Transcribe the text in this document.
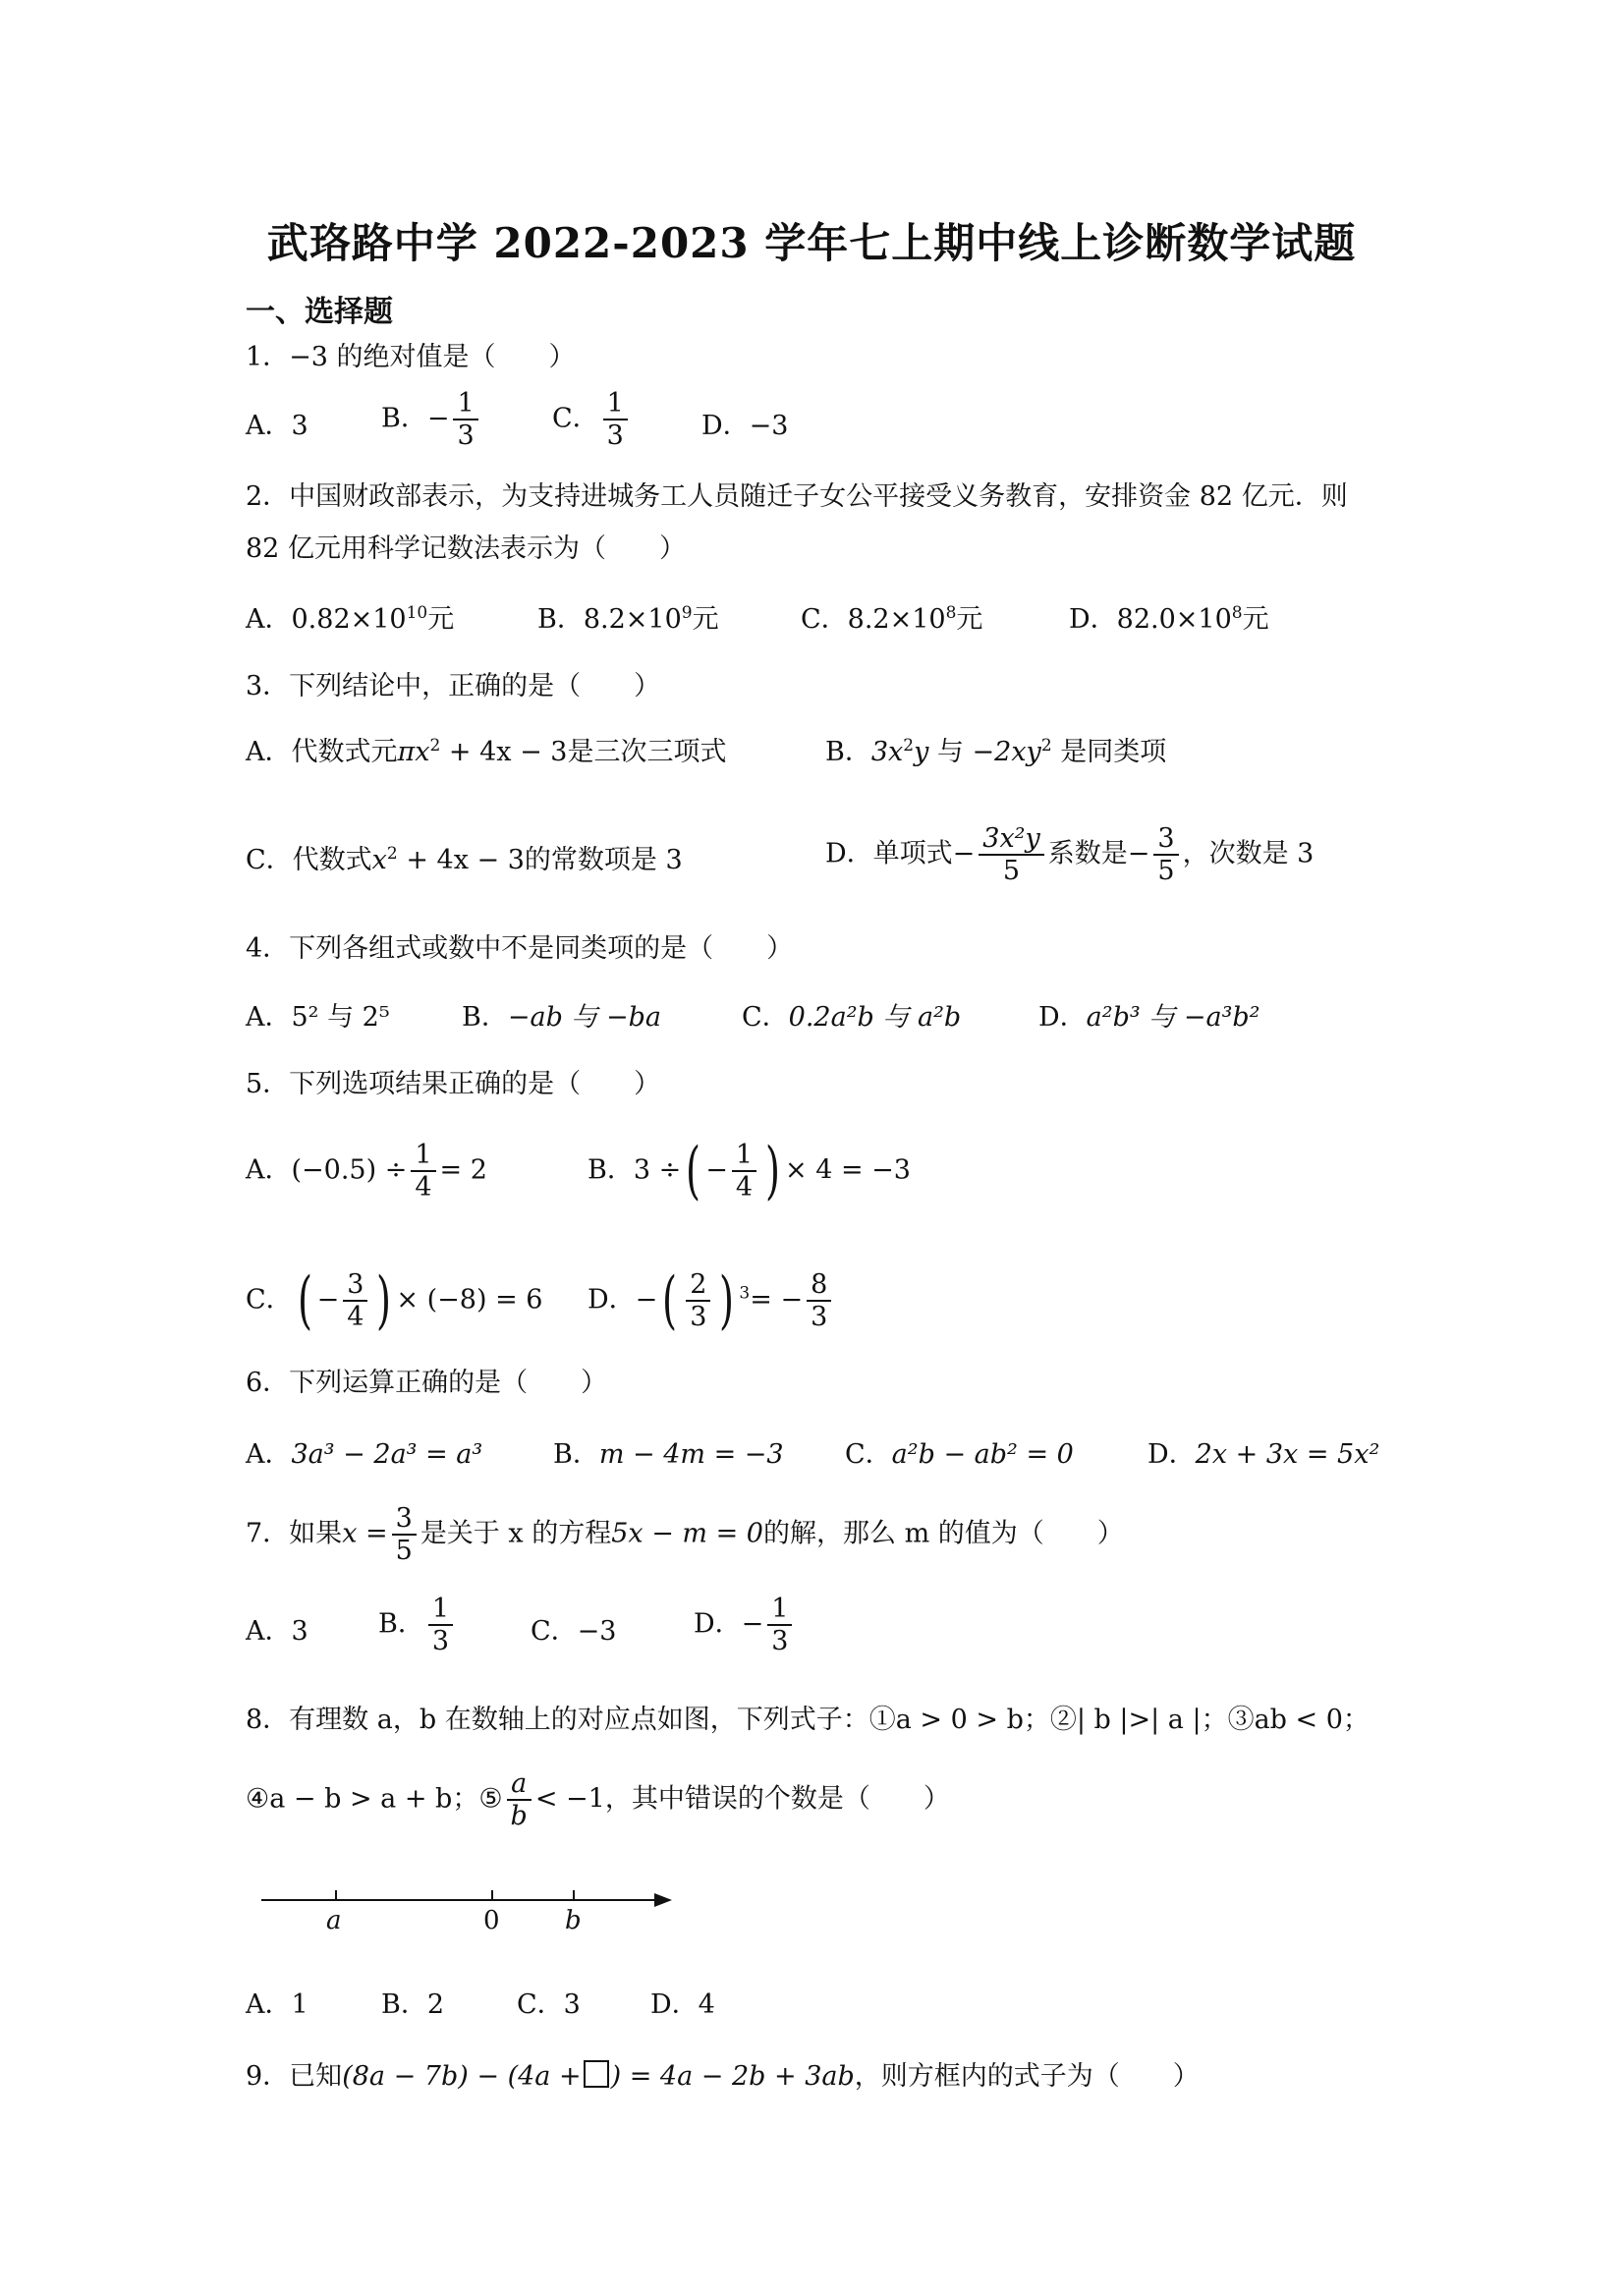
武珞路中学 2022-2023 学年七上期中线上诊断数学试题
一、选择题
1．−3 的绝对值是（　　）
A．3	B．− $\frac{1}{3}$	C． $\frac{1}{3}$	D．−3
2．中国财政部表示，为支持进城务工人员随迁子女公平接受义务教育，安排资金 82 亿元．则
82 亿元用科学记数法表示为（　　）
A．$0.82\times 10^{10}$元	B．$8.2\times 10^9$元	C．$8.2\times 10^8$元	D．$82.0\times 10^8$元
3．下列结论中，正确的是（　　）
A．代数式元$\pi x^2 + 4x - 3$是三次三项式	B．$3x^2y$ 与 $-2xy^2$ 是同类项
C．代数式$x^2 + 4x - 3$的常数项是 3	D．单项式− $\frac{\text{3x²y}}{5}$ 系数是− $\frac{3}{5}$ ，次数是 3
4．下列各组式或数中不是同类项的是（　　）
A．5² 与 2⁵	B．−ab 与 −ba	C．0.2a²b 与 a²b	D．a²b³ 与 −a³b²
5．下列选项结果正确的是（　　）
A．$(-0.5) \div \frac{1}{4} = 2$	B．3 ÷( − $\frac{1}{4}$ ) × 4 = −3
C．( − $\frac{3}{4}$ ) × (−8) = 6 D．−( $\frac{2}{3}$ ) $^3= - \frac{8}{3}$
6．下列运算正确的是（　　）
A．3a³ − 2a³ = a³	B．m − 4m = −3 C．a²b − ab² = 0	D．2x + 3x = 5x²
7．如果$x = \frac{3}{5}$ 是关于 x 的方程5x − m = 0的解，那么 m 的值为（　　）
A．3	B． $\frac{1}{3}$	C．−3	D．− $\frac{1}{3}$
8．有理数 a，b 在数轴上的对应点如图，下列式子：①a > 0 > b；②| b |>| a |；③ab < 0；
④a − b > a + b；⑤ $\frac{a}{b} < -1$，其中错误的个数是（　　）
a	0	b
A．1	B．2	C．3	D．4
9．已知(8a − 7b) − (4a + ) = 4a − 2b + 3ab，则方框内的式子为（　　）
